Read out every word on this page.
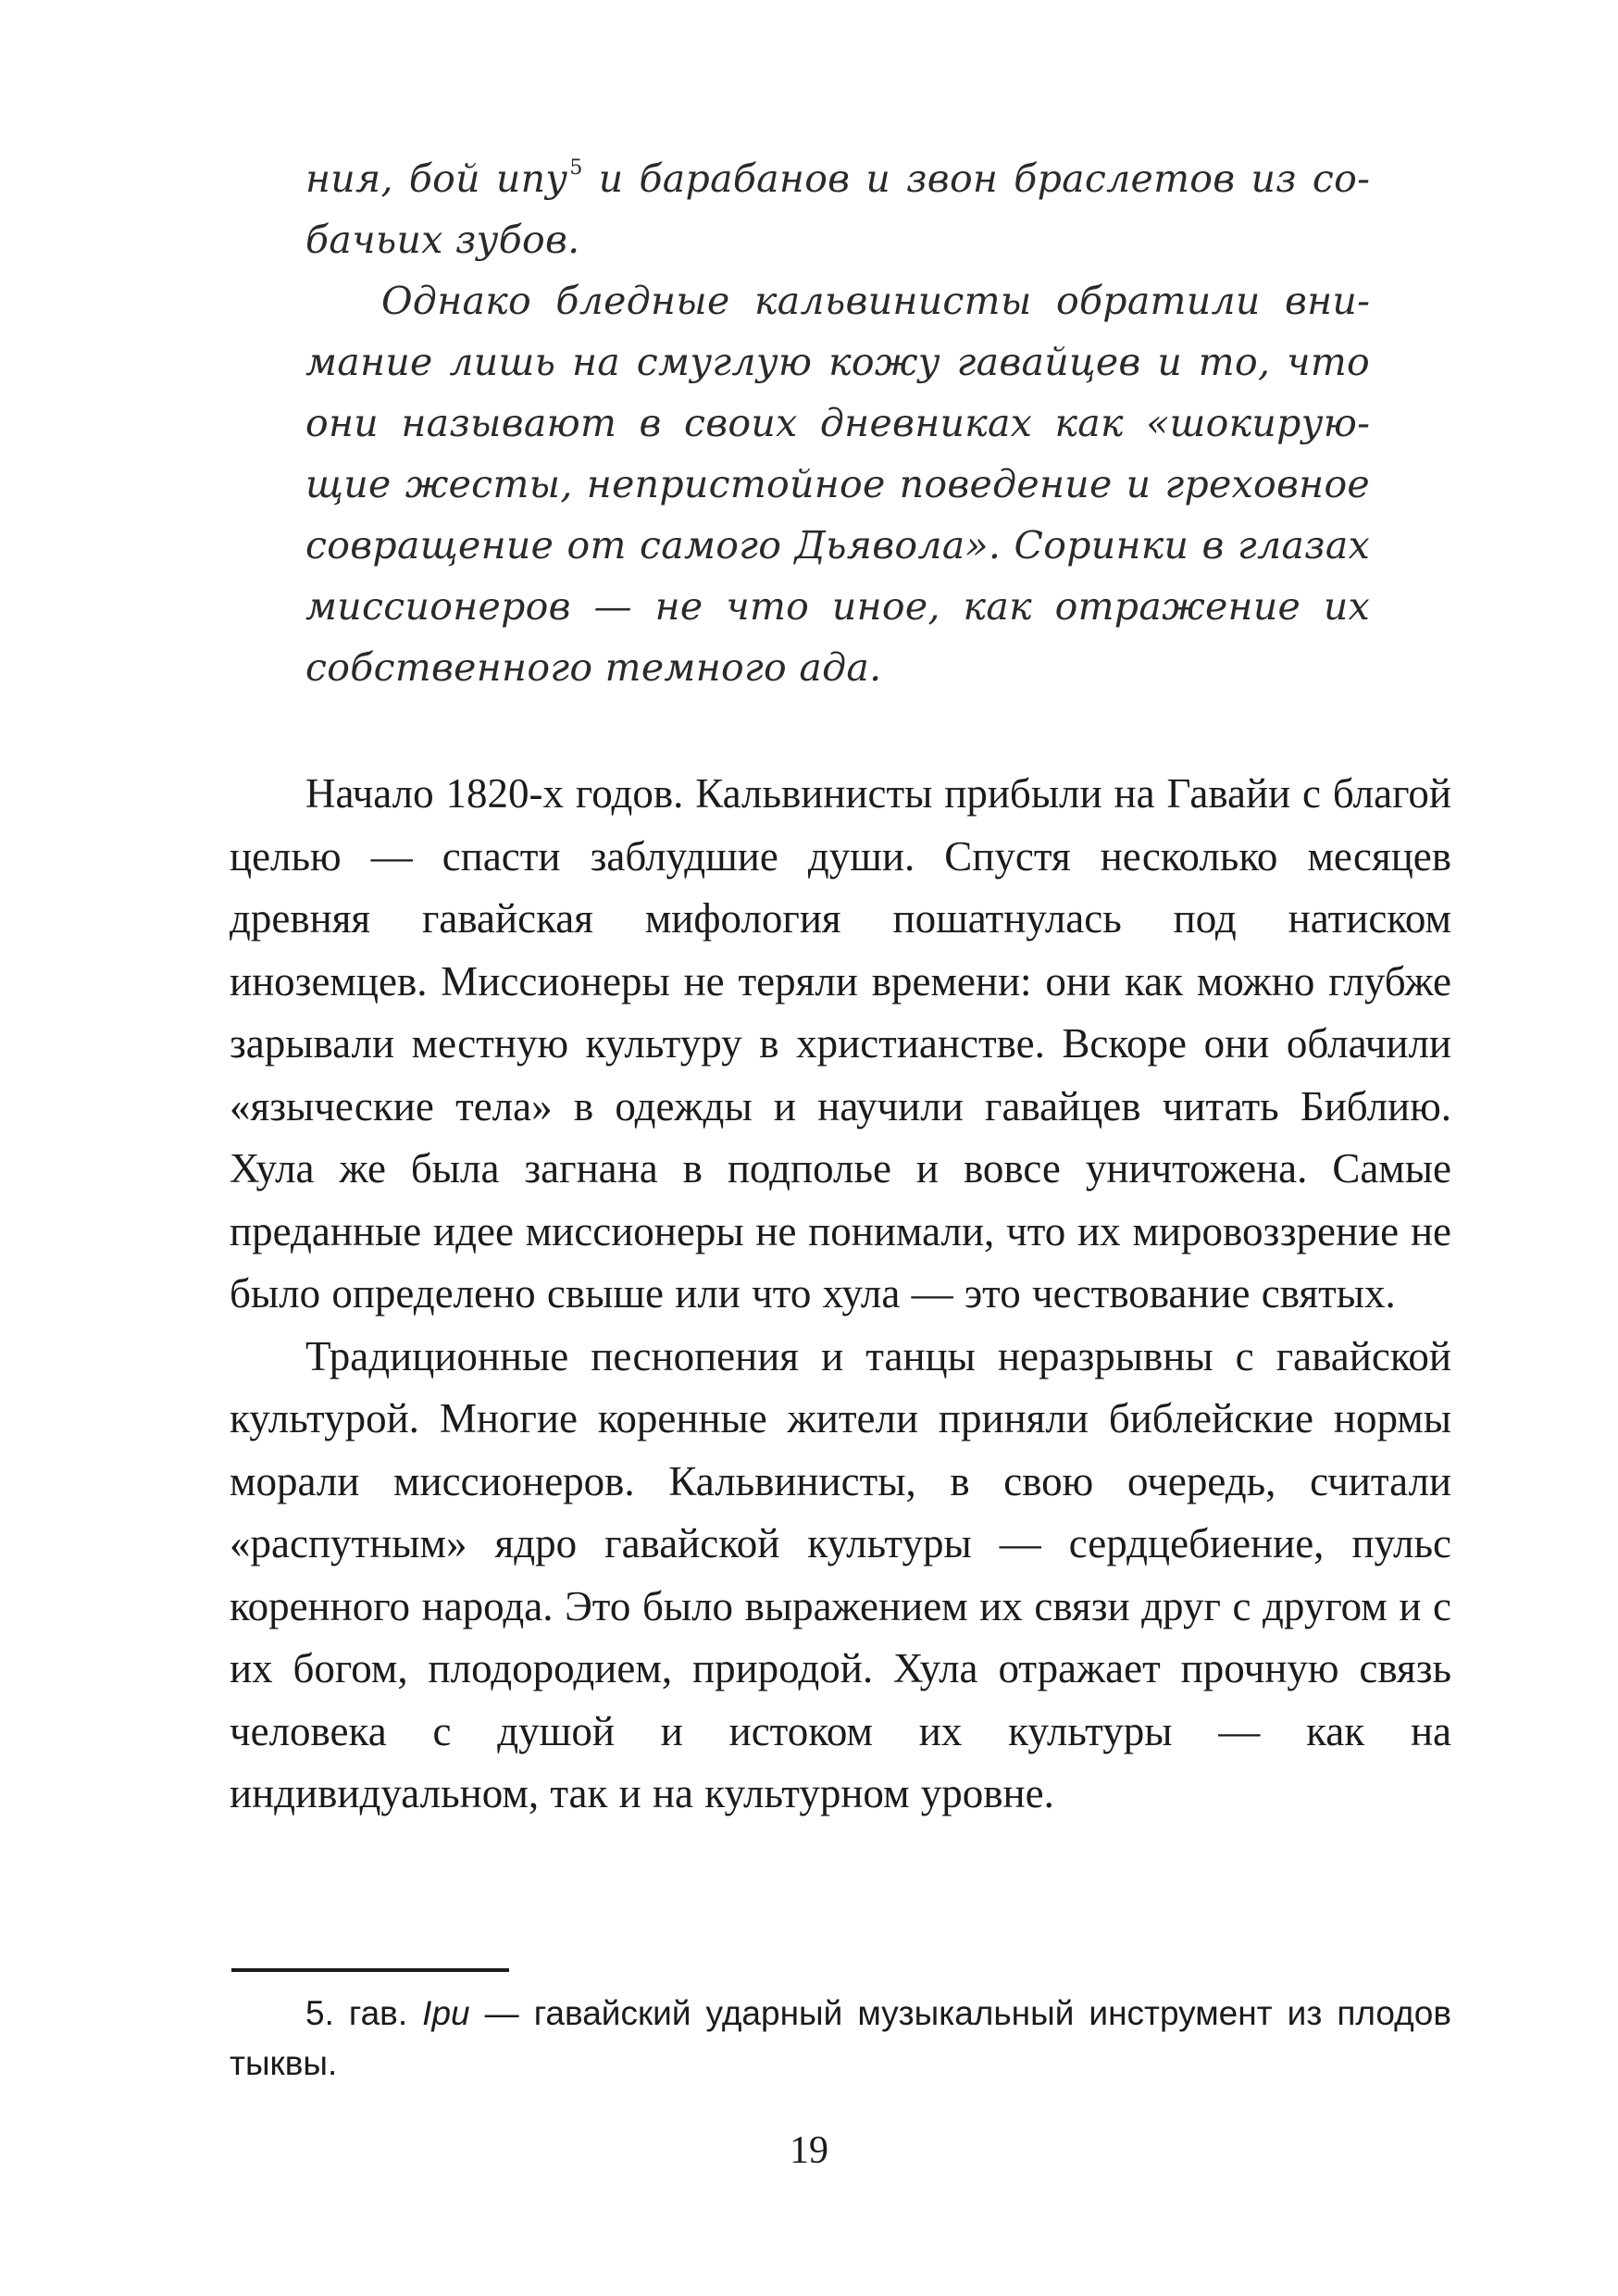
ния, бой ипу$^5$ и барабанов и звон браслетов из собачьих зубов.

Однако бледные кальвинисты обратили внимание лишь на смуглую кожу гавайцев и то, что они называют в своих дневниках как «шокирующие жесты, непристойное поведение и греховное совращение от самого Дьявола». Соринки в глазах миссионеров — не что иное, как отражение их собственного темного ада.

Начало 1820-х годов. Кальвинисты прибыли на Гавайи с благой целью — спасти заблудшие души. Спустя несколько месяцев древняя гавайская мифология пошатнулась под натиском иноземцев. Миссионеры не теряли времени: они как можно глубже зарывали местную культуру в христианстве. Вскоре они облачили «языческие тела» в одежды и научили гавайцев читать Библию. Хула же была загнана в подполье и вовсе уничтожена. Самые преданные идее миссионеры не понимали, что их мировоззрение не было определено свыше или что хула — это чествование святых.

Традиционные песнопения и танцы неразрывны с гавайской культурой. Многие коренные жители приняли библейские нормы морали миссионеров. Кальвинисты, в свою очередь, считали «распутным» ядро гавайской культуры — сердцебиение, пульс коренного народа. Это было выражением их связи друг с другом и с их богом, плодородием, природой. Хула отражает прочную связь человека с душой и истоком их культуры — как на индивидуальном, так и на культурном уровне.

5. гав. Ipu — гавайский ударный музыкальный инструмент из плодов тыквы.

19
